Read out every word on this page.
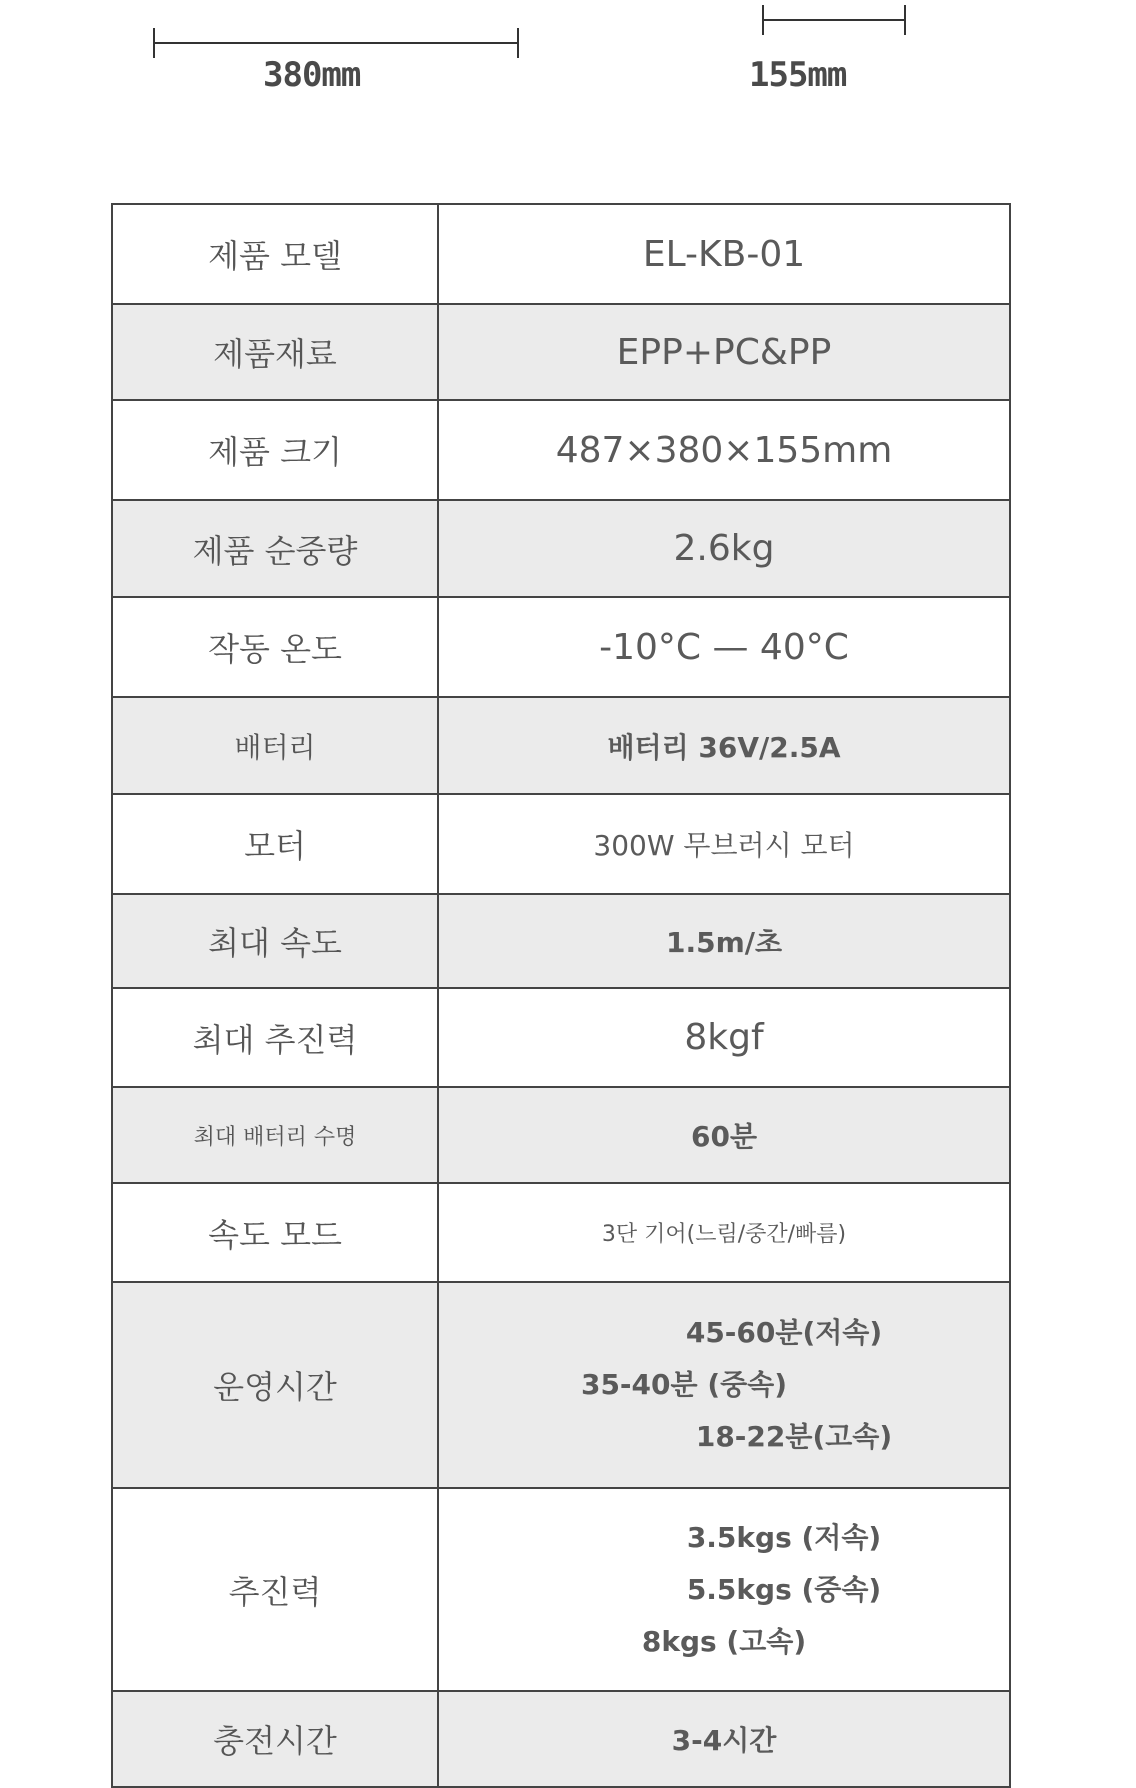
380mm	155mm
제품 모델	EL-KB-01
제품재료	EPP+PC&PP
제품 크기	487×380×155mm
제품 순중량	2.6kg
작동 온도	-10°C — 40°C
배터리	배터리 36V/2.5A
모터	300W 무브러시 모터
최대 속도	1.5m/초
최대 추진력	8kgf
최대 배터리 수명	60분
속도 모드	3단 기어(느림/중간/빠름)
운영시간	45-60분(저속)
35-40분 (중속)
18-22분(고속)

추진력	3.5kgs (저속)
5.5kgs (중속)
8kgs (고속)

충전시간	3-4시간
